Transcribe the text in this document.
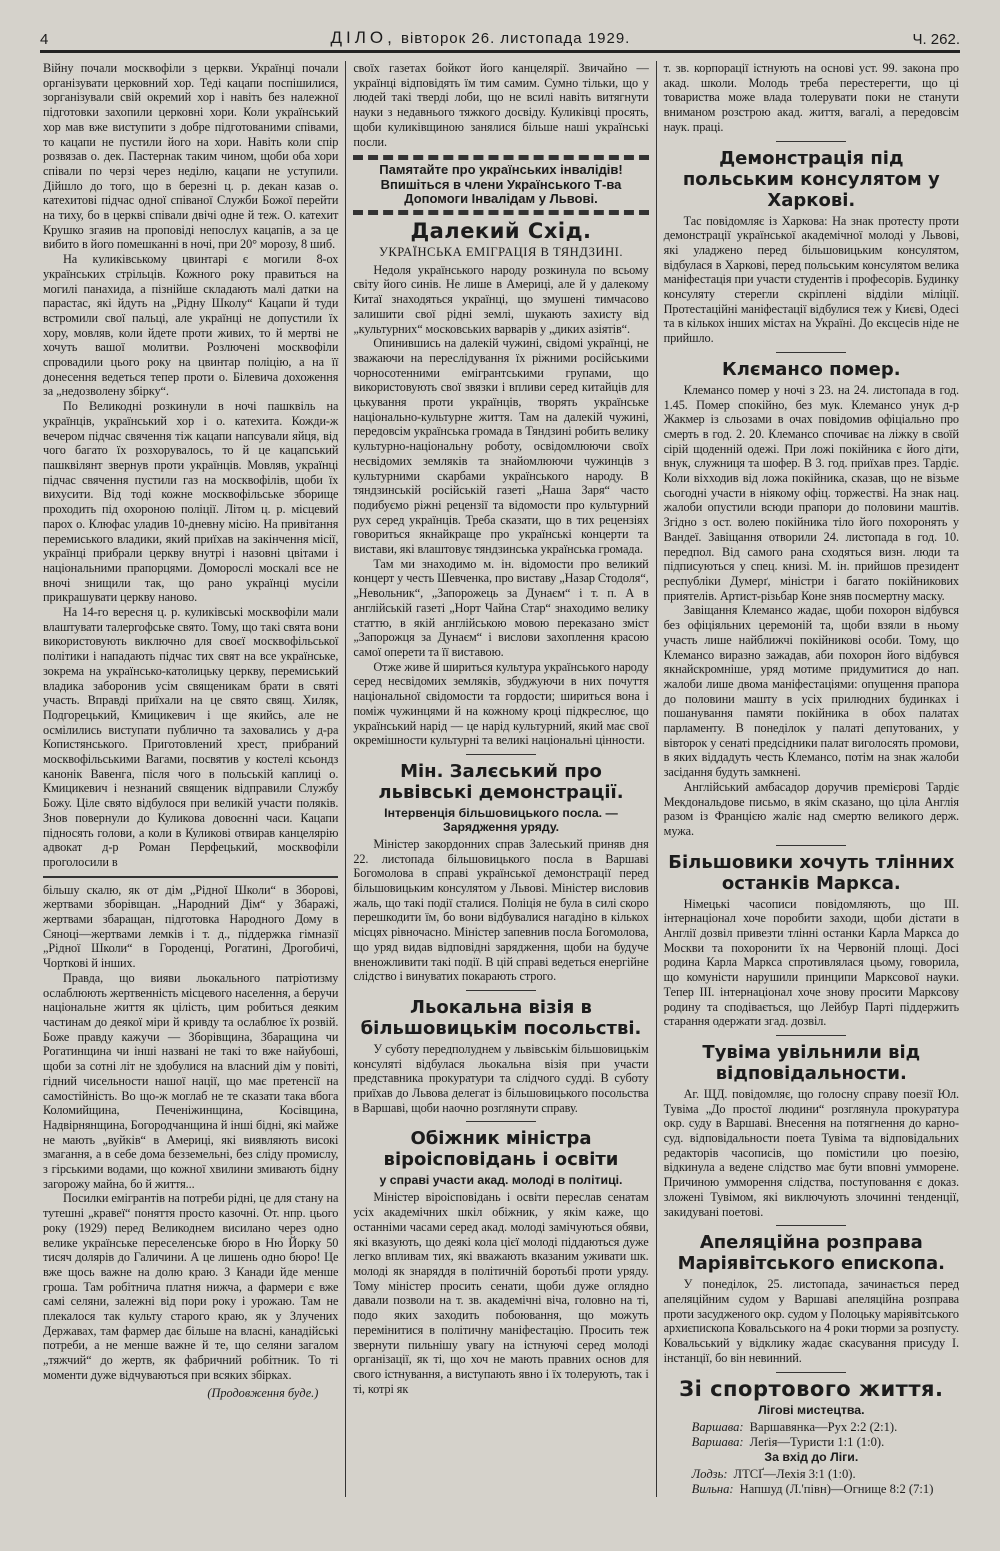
4	ДІЛО, вівторок 26. листопада 1929.	Ч. 262.

Війну почали москвофіли з церкви. Українці почали організувати церковний хор. Теді кацапи поспішилися, зорганізували свій окремий хор і навіть без належної підготовки захопили церковні хори. Коли український хор мав вже виступити з добре підготованими співами, то кацапи не пустили його на хори. Навіть коли спір розвязав о. дек. Пастернак таким чином, щоби оба хори співали по черзі через неділю, кацапи не уступили. Дійшло до того, що в березні ц. р. декан казав о. катехитові підчас одної співаної Служби Божої перейти на тиху, бо в церкві співали двічі одне й теж. О. катехит Крушко згаяив на проповіді непослух кацапів, а за це вибито в його помешканні в ночі, при 20° морозу, 8 шиб.

На куликівському цвинтарі є могили 8-ох українських стрільців. Кожного року правиться на могилі панахида, а пізнійше складають малі датки на парастас, які йдуть на „Рідну Школу“ Кацапи й туди встромили свої пальці, але українці не допустили їх хору, мовляв, коли йдете проти живих, то й мертві не хочуть вашої молитви. Розлючені москвофіли спровадили цього року на цвинтар поліцію, а на її донесення ведеться тепер проти о. Білевича дохоження за „недозволену збірку“.

По Великодні розкинули в ночі пашквіль на українців, український хор і о. катехита. Кожди-ж вечером підчас свячення тіж кацапи напсували яйця, від чого багато їх розхорувалось, то й це кацапський пашквілянт звернув проти українців. Мовляв, українці підчас свячення пустили газ на москвофілів, щоби їх вихусити. Від тоді кожне москвофільське зборище проходить під охороною поліції. Літом ц. р. місцевий парох о. Клюфас уладив 10-дневну місію. На привітання перемиського владики, який приїхав на закінчення місії, українці прибрали церкву внутрі і назовні цвітами і національними прапорцями. Доморослі москалі все не вночі знищили так, що рано українці мусіли прикрашувати церкву наново.

На 14-го вересня ц. р. куликівські москвофіли мали влаштувати талергофське свято. Тому, що такі свята вони використовують виключно для своєї москвофільської політики і нападають підчас тих свят на все українське, зокрема на українсько-католицьку церкву, перемиський владика заборонив усім священикам брати в святі участь. Вправді приїхали на це свято свящ. Хиляк, Подгорецький, Кмицикевич і ще якийсь, але не осмілились виступати публично та заховались у д-ра Копистянського. Приготовлений хрест, прибраний москвофільськими Вагами, посвятив у костелі ксьондз канонік Вавенга, після чого в польській каплиці о. Кмицикевич і незнаний священик відправили Службу Божу. Ціле свято відбулося при великій участи поляків. Знов повернули до Куликова довоєнні часи. Кацапи підносять голови, а коли в Куликові отвирав канцелярію адвокат д-р Роман Перфецький, москвофіли проголосили в

більшу скалю, як от дім „Рідної Школи“ в Зборові, жертвами зборівщан. „Народний Дім“ у Збаражі, жертвами збаращан, підготовка Народного Дому в Сяноці—жертвами лемків і т. д., піддержка гімназії „Рідної Школи“ в Городенці, Рогатині, Дрогобичі, Чорткові й інших.

Правда, що вияви льокального патріотизму ослаблюють жертвенність місцевого населення, а беручи національне життя як цілість, цим робиться деяким частинам до деякої міри й кривду та ослаблює їх розвій. Боже правду кажучи — Зборівщина, Збаращина чи Рогатинщина чи інші названі не такі то вже найубоші, щоби за сотні літ не здобулися на власний дім у повіті, гідний чисельности нашої нації, що має претенсії на самостійність. Во що-ж моглаб не те сказати така вбога Коломийщина, Печеніжинщина, Косівщина, Надвірнянщина, Богородчанщина й інші бідні, які майже не мають „вуйків“ в Америці, які виявляють високі змагання, а в себе дома безземельні, без сліду промислу, з гірськими водами, що кожної хвилини змивають бідну загорожу майна, бо й життя...

Посилки емігрантів на потреби рідні, це для стану на тутешні „кравеї“ поняття просто казочні. От. нпр. цього року (1929) перед Великоднем висилано через одно велике українське переселенське бюро в Ню Йорку 50 тисяч долярів до Галичини. А це лишень одно бюро! Це вже щось важне на долю краю. З Канади йде менше гроша. Там робітнича платня нижча, а фармери є вже самі селяни, залежні від пори року і урожаю. Там не плекалося так культу старого краю, як у Злучених Державах, там фармер дає більше на власні, канадійські потреби, а не менше важне й те, що селяни загалом „тяжчий“ до жертв, як фабричний робітник. То ті моменти дуже відчуваються при всяких збірках.

(Продовження буде.)

своїх газетах бойкот його канцелярії. Звичайно — українці відповідять їм тим самим. Сумно тільки, що у людей такі тверді лоби, що не всилі навіть витягнути науки з недавнього тяжкого досвіду. Куликівці просять, щоби куликівщиною занялися більше наші українські посли.

Памятайте про українських інвалідів! Впишіться в члени Українського Т-ва Допомоги Інвалідам у Львові.
Далекий Схід.
УКРАЇНСЬКА ЕМІГРАЦІЯ В ТЯНДЗИНІ.

Недоля українського народу розкинула по всьому світу його синів. Не лише в Америці, але й у далекому Китаї знаходяться українці, що змушені тимчасово залишити свої рідні землі, шукають захисту від „культурних“ московських варварів у „диких азіятів“.

Опинившись на далекій чужині, свідомі українці, не зважаючи на переслідування їх ріжними російськими чорносотенними емігрантськими групами, що використовують свої звязки і впливи серед китайців для цькування проти українців, творять українське національно-культурне життя. Там на далекій чужині, передовсім українська громада в Тяндзині робить велику культурно-національну роботу, освідомлюючи своїх несвідомих земляків та знайомлюючи чужинців з культурними скарбами українського народу. В тяндзинській російській газеті „Наша Заря“ часто подибуємо ріжні рецензії та відомости про культурний рух серед українців. Треба сказати, що в тих рецензіях говориться якнайкраще про українські концерти та вистави, які влаштовує тяндзинська українська громада.

Там ми знаходимо м. ін. відомости про великий концерт у честь Шевченка, про виставу „Назар Стодоля“, „Невольник“, „Запорожець за Дунаєм“ і т. п. А в англійській газеті „Норт Чайна Стар“ знаходимо велику статтю, в якій англійською мовою переказано зміст „Запорожця за Дунаєм“ і вислови захоплення красою самої оперети та її виставою.

Отже живе й шириться культура українського народу серед несвідомих земляків, збуджуючи в них почуття національної свідомости та гордости; шириться вона і поміж чужинцями й на кожному кроці підкреслює, що український нарід — це нарід культурний, який має свої окремішности культурні та великі національні цінности.

Мін. Залєський про львівські демонстрації.
Інтервенція більшовицького посла. — Зарядження уряду.

Міністер закордонних справ Залеський приняв дня 22. листопада більшовицького посла в Варшаві Богомолова в справі української демонстрації перед більшовицьким консулятом у Львові. Міністер висловив жаль, що такі події сталися. Поліція не була в силі скоро перешкодити їм, бо вони відбувалися нагадіно в кількох місцях рівночасно. Міністер запевнив посла Богомолова, що уряд видав відповідні зарядження, щоби на будуче вненожливити такі події. В цій справі ведеться енергійне слідство і винуватих покарають строго.

Льокальна візія в більшовицькім посольстві.

У суботу передполуднем у львівськім більшовицькім консуляті відбулася льокальна візія при участи представника прокуратури та слідчого судді. В суботу приїхав до Львова делегат із більшовицького посольства в Варшаві, щоби наочно розглянути справу.

Обіжник міністра віроісповідань і освіти
у справі участи акад. молоді в політиці.

Міністер віроісповідань і освіти переслав сенатам усіх академічних шкіл обіжник, у якім каже, що останніми часами серед акад. молоді замічуються обяви, які вказують, що деякі кола цієї молоді піддаються дуже легко впливам тих, які вважають вказаним уживати шк. молоді як знаряддя в політичній боротьбі проти уряду. Тому міністер просить сенати, щоби дуже оглядно давали позволи на т. зв. академічні віча, головно на ті, подо яких заходить побоювання, що можуть перемінитися в політичну маніфестацію. Просить теж звернути пильнішу увагу на істнуючі серед молоді організації, як ті, що хоч не мають правних основ для свого істнування, а виступають явно і їх толерують, так і ті, котрі як

т. зв. корпорації істнують на основі уст. 99. закона про акад. школи. Молодь треба перестерегти, що ці товариства може влада толерувати поки не станути вниманом розстрою акад. життя, вагалі, а передовсім наук. праці.

Демонстрація під польським консулятом у Харкові.

Тас повідомляє із Харкова: На знак протесту проти демонстрації української академічної молоді у Львові, які уладжено перед більшовицьким консулятом, відбулася в Харкові, перед польським консулятом велика маніфестація при участи студентів і професорів. Будинку консуляту стерегли скріплені відділи міліції. Протестаційні маніфестації відбулися теж у Києві, Одесі та в кількох інших містах на Україні. До ексцесів ніде не прийшло.

Клємансо помер.

Клемансо помер у ночі з 23. на 24. листопада в год. 1.45. Помер спокійно, без мук. Клемансо унук д-р Жакмер із сльозами в очах повідомив офіціально про смерть в год. 2. 20. Клемансо спочиває на ліжку в своїй сірій щоденній одежі. При ложі покійника є його діти, внук, служниця та шофер. В 3. год. приїхав през. Тардіє. Коли віхходив від ложа покійника, сказав, що не візьме сьогодні участи в ніякому офіц. торжестві. На знак нац. жалоби опустили всюди прапори до половини маштів. Згідно з ост. волею покійника тіло його похоронять у Вандеї. Завіщання отворили 24. листопада в год. 10. передпол. Від самого рана сходяться визн. люди та підписуються у спец. книзі. М. ін. прийшов президент республіки Думерґ, міністри і багато покійникових приятелів. Артист-різьбар Коне зняв посмертну маску.

Завіщання Клемансо жадає, щоби похорон відбувся без офіціяльних церемоній та, щоби взяли в ньому участь лише найближчі покійникові особи. Тому, що Клемансо виразно зажадав, аби похорон його відбувся якнайскромніше, уряд мотиме придумитися до нап. жалоби лише двома маніфестаціями: опущення прапора до половини машту в усіх прилюдних будинках і пошанування памяти покійника в обох палатах парламенту. В понеділок у палаті депутованих, у вівторок у сенаті предсідники палат виголосять промови, в яких віддадуть честь Клемансо, потім на знак жалоби засідання будуть замкнені.

Англійський амбасадор доручив премієрові Тардіє Мекдональдове письмо, в якім сказано, що ціла Англія разом із Францією жаліє над смертю великого держ. мужа.

Більшовики хочуть тлінних останків Маркса.

Німецькі часописи повідомляють, що III. інтернаціонал хоче поробити заходи, щоби дістати в Англії дозвіл привезти тлінні останки Карла Маркса до Москви та похоронити їх на Червоній площі. Досі родина Карла Маркса спротивлялася цьому, говорила, що комуністи нарушили принципи Марксової науки. Тепер III. інтернаціонал хоче знову просити Марксову родину та сподівається, що Лейбур Парті піддержить старання одержати згад. дозвіл.

Тувіма увільнили від відповідальности.

Аг. ЩД. повідомляє, що голосну справу поезії Юл. Тувіма „До простої людини“ розглянула прокуратура окр. суду в Варшаві. Внесення на потягнення до карно-суд. відповідальности поета Тувіма та відповідальних редакторів часописів, що помістили цю поезію, відкинула а ведене слідство має бути вповні умморене. Причиною умморення слідства, поступовання є доказ. зложені Тувімом, які виключують злочинні тенденції, закидувані поетові.

Апеляційна розправа Маріявітського епископа.

У понеділок, 25. листопада, зачинається перед апеляційним судом у Варшаві апеляційна розправа проти засудженого окр. судом у Полоцьку маріявітського архиєпископа Ковальського на 4 роки тюрми за розпусту. Ковальський у відклику жадає скасування присуду I. інстанції, бо він невинний.

Зі спортового життя.
Лігові мистецтва.
Варшава: Варшавянка—Рух 2:2 (2:1).
Варшава: Леґія—Туристи 1:1 (1:0).
За вхід до Ліги.
Лодзь: ЛТСҐ—Лехія 3:1 (1:0).
Вильна: Напшуд (Л.'півн)—Огнище 8:2 (7:1)
